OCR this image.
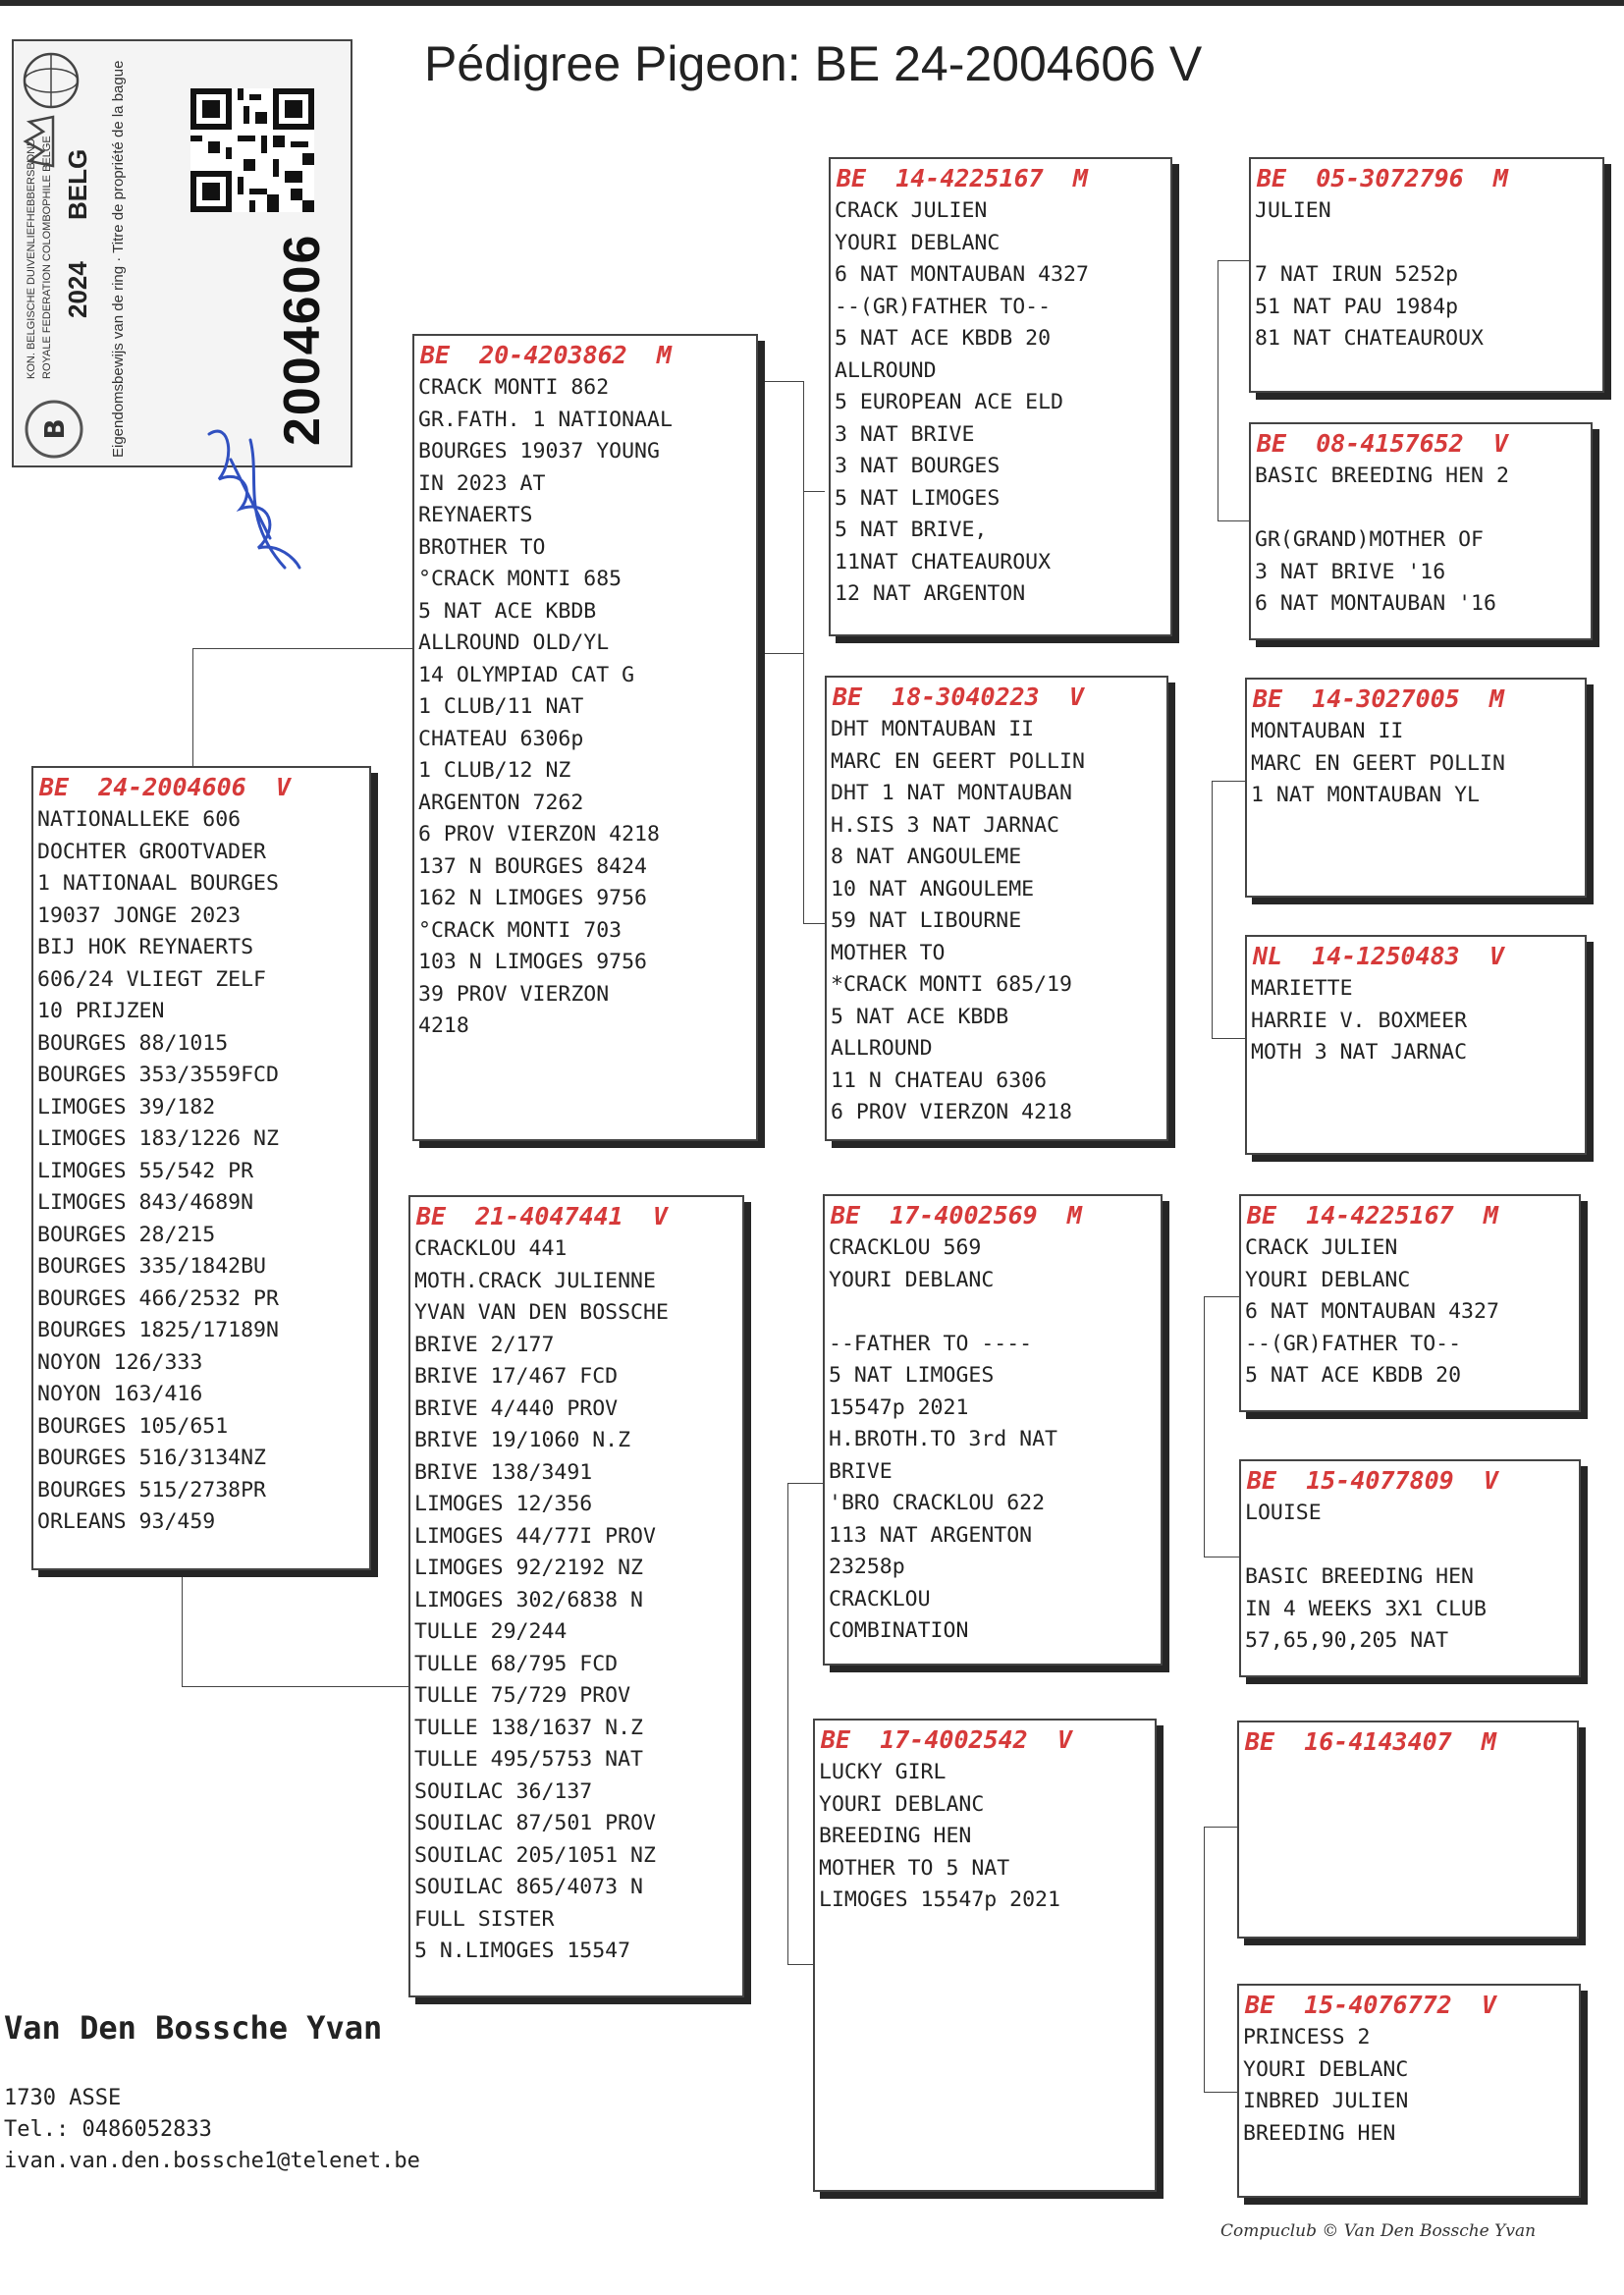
Pédigree Pigeon: BE 24-2004606 V
B
KON. BELGISCHE DUIVENLIEFHEBBERSBOND ROYALE FEDERATION COLOMBOPHILE BELGE 2024
BELG Eigendomsbewijs van de ring · Titre de propriété de la bague	2004606
BE  24-2004606  V
NATIONALLEKE 606
DOCHTER GROOTVADER
1 NATIONAAL BOURGES
19037 JONGE 2023
BIJ HOK REYNAERTS
606/24 VLIEGT ZELF
10 PRIJZEN
BOURGES 88/1015
BOURGES 353/3559FCD
LIMOGES 39/182
LIMOGES 183/1226 NZ
LIMOGES 55/542 PR
LIMOGES 843/4689N
BOURGES 28/215
BOURGES 335/1842BU
BOURGES 466/2532 PR
BOURGES 1825/17189N
NOYON 126/333
NOYON 163/416
BOURGES 105/651
BOURGES 516/3134NZ
BOURGES 515/2738PR
ORLEANS 93/459
BE  20-4203862  M
CRACK MONTI 862
GR.FATH. 1 NATIONAAL
BOURGES 19037 YOUNG
IN 2023 AT
REYNAERTS
BROTHER TO
°CRACK MONTI 685
5 NAT ACE KBDB
ALLROUND OLD/YL
14 OLYMPIAD CAT G
1 CLUB/11 NAT
CHATEAU 6306p
1 CLUB/12 NZ
ARGENTON 7262
6 PROV VIERZON 4218
137 N BOURGES 8424
162 N LIMOGES 9756
°CRACK MONTI 703
103 N LIMOGES 9756
39 PROV VIERZON
4218
BE  21-4047441  V
CRACKLOU 441
MOTH.CRACK JULIENNE
YVAN VAN DEN BOSSCHE
BRIVE 2/177
BRIVE 17/467 FCD
BRIVE 4/440 PROV
BRIVE 19/1060 N.Z
BRIVE 138/3491
LIMOGES 12/356
LIMOGES 44/77I PROV
LIMOGES 92/2192 NZ
LIMOGES 302/6838 N
TULLE 29/244
TULLE 68/795 FCD
TULLE 75/729 PROV
TULLE 138/1637 N.Z
TULLE 495/5753 NAT
SOUILAC 36/137
SOUILAC 87/501 PROV
SOUILAC 205/1051 NZ
SOUILAC 865/4073 N
FULL SISTER
5 N.LIMOGES 15547
BE  14-4225167  M
CRACK JULIEN
YOURI DEBLANC
6 NAT MONTAUBAN 4327
--(GR)FATHER TO--
5 NAT ACE KBDB 20
ALLROUND
5 EUROPEAN ACE ELD
3 NAT BRIVE
3 NAT BOURGES
5 NAT LIMOGES
5 NAT BRIVE,
11NAT CHATEAUROUX
12 NAT ARGENTON
BE  18-3040223  V
DHT MONTAUBAN II
MARC EN GEERT POLLIN
DHT 1 NAT MONTAUBAN
H.SIS 3 NAT JARNAC
8 NAT ANGOULEME
10 NAT ANGOULEME
59 NAT LIBOURNE
MOTHER TO
*CRACK MONTI 685/19
5 NAT ACE KBDB
ALLROUND
11 N CHATEAU 6306
6 PROV VIERZON 4218
BE  17-4002569  M
CRACKLOU 569
YOURI DEBLANC

--FATHER TO ----
5 NAT LIMOGES
15547p 2021
H.BROTH.TO 3rd NAT
BRIVE
'BRO CRACKLOU 622
113 NAT ARGENTON
23258p
CRACKLOU
COMBINATION
BE  17-4002542  V
LUCKY GIRL
YOURI DEBLANC
BREEDING HEN
MOTHER TO 5 NAT
LIMOGES 15547p 2021
BE  05-3072796  M
JULIEN

7 NAT IRUN 5252p
51 NAT PAU 1984p
81 NAT CHATEAUROUX
BE  08-4157652  V
BASIC BREEDING HEN 2

GR(GRAND)MOTHER OF
3 NAT BRIVE '16
6 NAT MONTAUBAN '16
BE  14-3027005  M
MONTAUBAN II
MARC EN GEERT POLLIN
1 NAT MONTAUBAN YL
NL  14-1250483  V
MARIETTE
HARRIE V. BOXMEER
MOTH 3 NAT JARNAC
BE  14-4225167  M
CRACK JULIEN
YOURI DEBLANC
6 NAT MONTAUBAN 4327
--(GR)FATHER TO--
5 NAT ACE KBDB 20
BE  15-4077809  V
LOUISE

BASIC BREEDING HEN
IN 4 WEEKS 3X1 CLUB
57,65,90,205 NAT
BE  16-4143407  M
BE  15-4076772  V
PRINCESS 2
YOURI DEBLANC
INBRED JULIEN
BREEDING HEN
Van Den Bossche Yvan
1730 ASSE
Tel.: 0486052833
ivan.van.den.bossche1@telenet.be
Compuclub © Van Den Bossche Yvan
